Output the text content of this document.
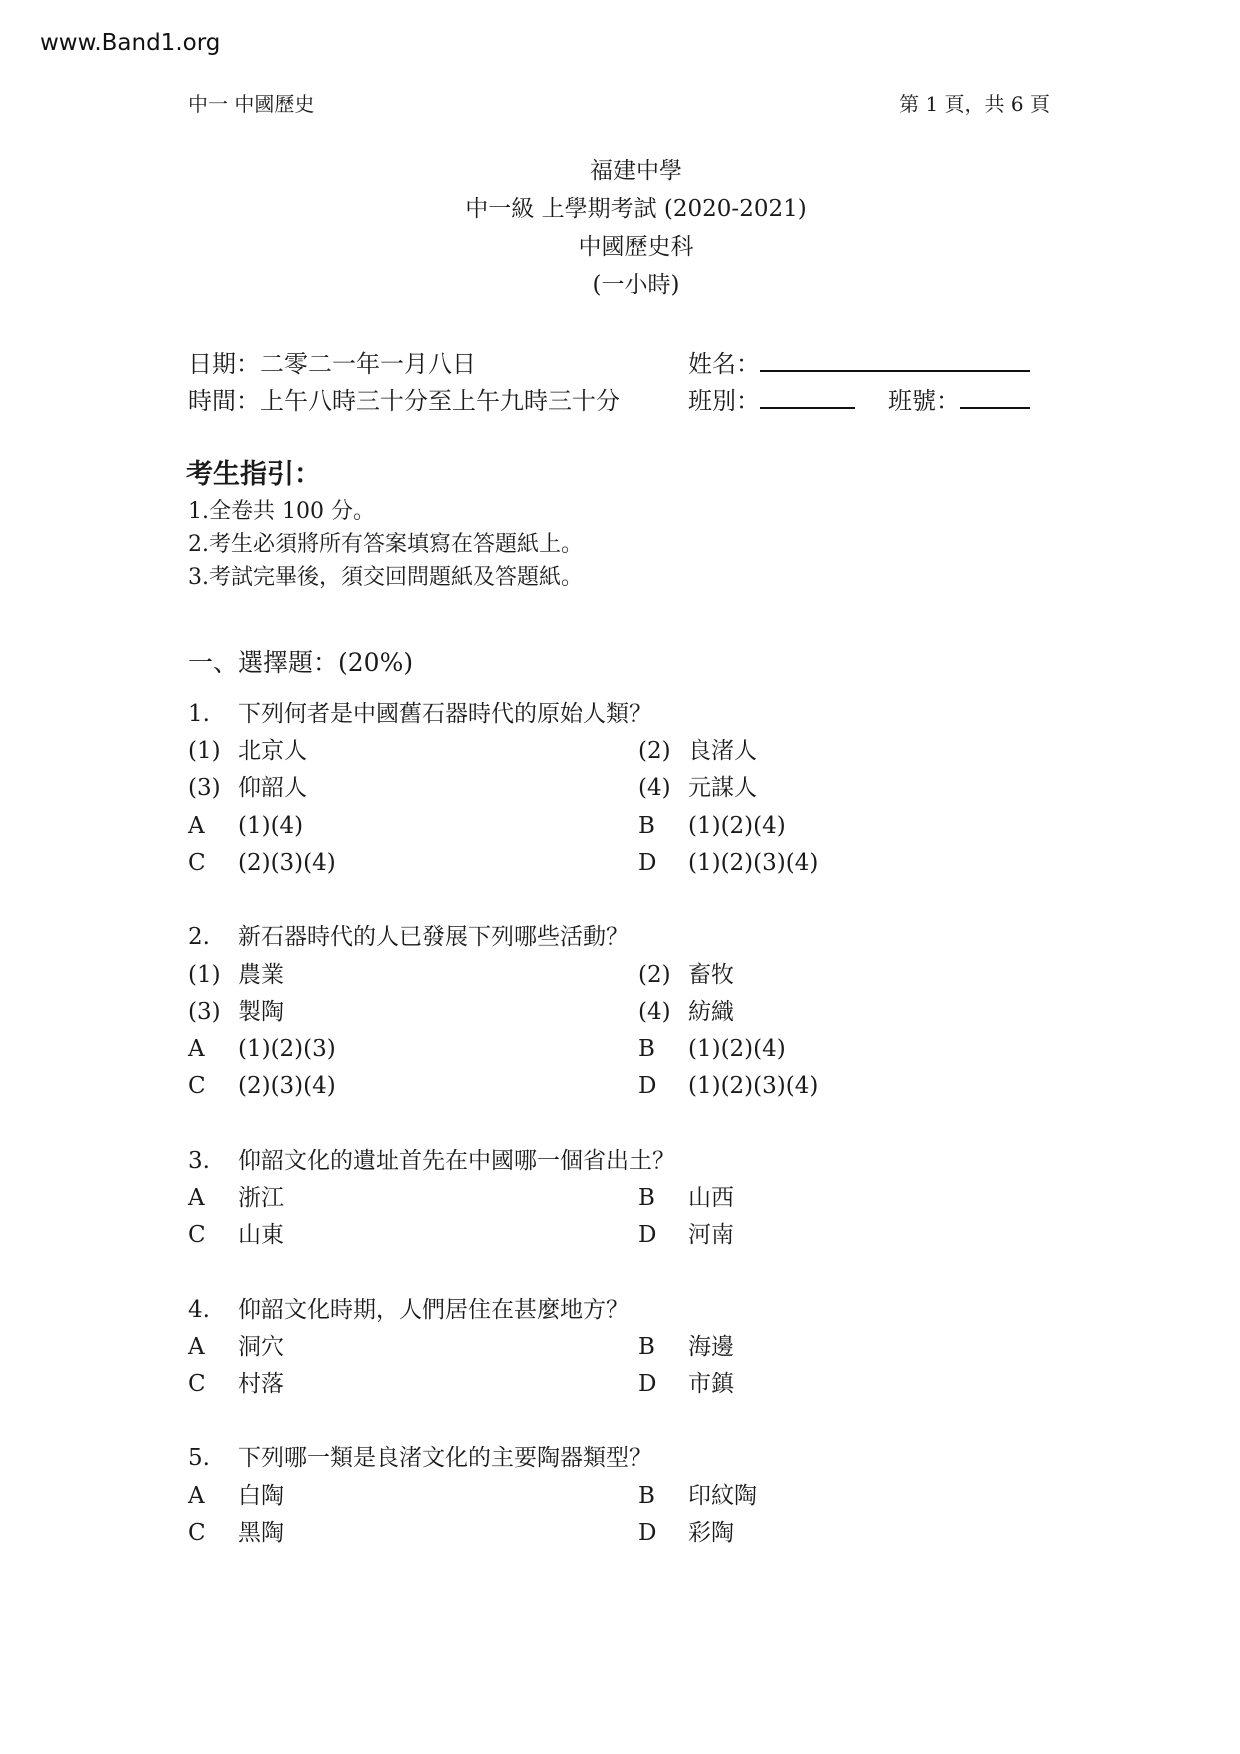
www.Band1.org
中一 中國歷史	第 1 頁，共 6 頁
福建中學
中一級 上學期考試 (2020-2021)
中國歷史科
(一小時)
日期：二零二一年一月八日
時間：上午八時三十分至上午九時三十分
姓名：
班別：	班號：
考生指引：
1.全卷共 100 分。
2.考生必須將所有答案填寫在答題紙上。
3.考試完畢後，須交回問題紙及答題紙。
一、選擇題：(20%)
1. 下列何者是中國舊石器時代的原始人類？
(1) 北京人	(2) 良渚人
(3) 仰韶人	(4) 元謀人
A (1)(4)	B (1)(2)(4)
C (2)(3)(4)	D (1)(2)(3)(4)
2. 新石器時代的人已發展下列哪些活動？
(1) 農業	(2) 畜牧
(3) 製陶	(4) 紡織
A (1)(2)(3)	B (1)(2)(4)
C (2)(3)(4)	D (1)(2)(3)(4)
3. 仰韶文化的遺址首先在中國哪一個省出土？
A 浙江	B 山西
C 山東	D 河南
4. 仰韶文化時期，人們居住在甚麼地方？
A 洞穴	B 海邊
C 村落	D 市鎮
5. 下列哪一類是良渚文化的主要陶器類型？
A 白陶	B 印紋陶
C 黑陶	D 彩陶
